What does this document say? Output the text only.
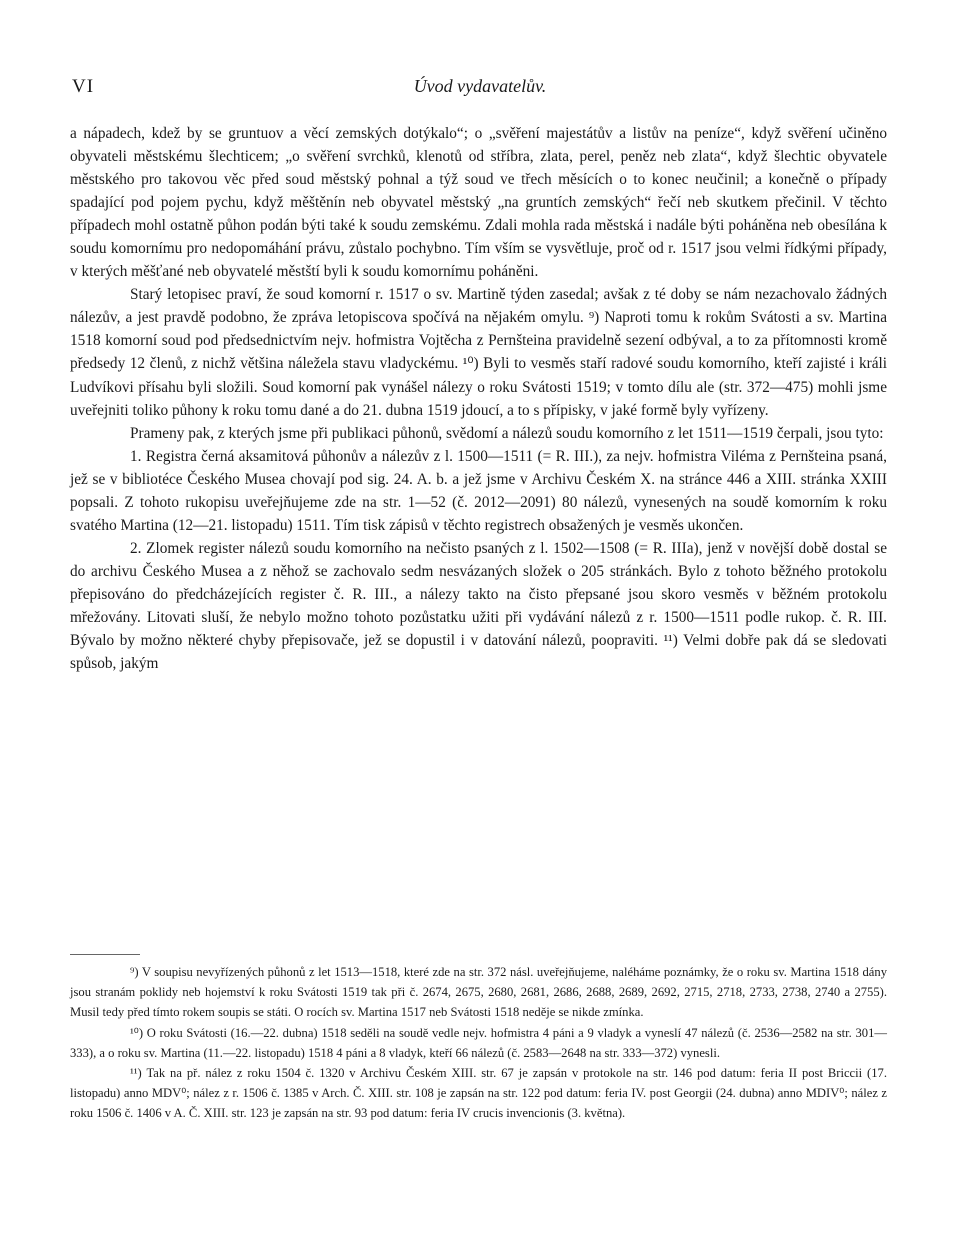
VI	Úvod vydavatelův.

a nápadech, kdež by se gruntuov a věcí zemských dotýkalo“; o „svěření majestátův a listův na peníze“, když svěření učiněno obyvateli městskému šlechticem; „o svěření svrchků, klenotů od stříbra, zlata, perel, peněz neb zlata“, když šlechtic obyvatele městského pro takovou věc před soud městský pohnal a týž soud ve třech měsících o to konec neučinil; a konečně o případy spadající pod pojem pychu, když měštěnín neb obyvatel městský „na gruntích zemských“ řečí neb skutkem přečinil. V těchto případech mohl ostatně půhon podán býti také k soudu zemskému. Zdali mohla rada městská i nadále býti poháněna neb obesílána k soudu komornímu pro nedopomáhání právu, zůstalo pochybno. Tím vším se vysvětluje, proč od r. 1517 jsou velmi řídkými případy, v kterých měšťané neb obyvatelé městští byli k soudu komornímu poháněni.

Starý letopisec praví, že soud komorní r. 1517 o sv. Martině týden zasedal; avšak z té doby se nám nezachovalo žádných nálezův, a jest pravdě podobno, že zpráva letopiscova spočívá na nějakém omylu. ⁹) Naproti tomu k rokům Svátosti a sv. Martina 1518 komorní soud pod předsednictvím nejv. hofmistra Vojtěcha z Pernšteina pravidelně sezení odbýval, a to za přítomnosti kromě předsedy 12 členů, z nichž většina náležela stavu vladyckému. ¹⁰) Byli to vesměs staří radové soudu komorního, kteří zajisté i králi Ludvíkovi přísahu byli složili. Soud komorní pak vynášel nálezy o roku Svátosti 1519; v tomto dílu ale (str. 372—475) mohli jsme uveřejniti toliko půhony k roku tomu dané a do 21. dubna 1519 jdoucí, a to s přípisky, v jaké formě byly vyřízeny.

Prameny pak, z kterých jsme při publikaci půhonů, svědomí a nálezů soudu komorního z let 1511—1519 čerpali, jsou tyto:

1. Registra černá aksamitová půhonův a nálezův z l. 1500—1511 (= R. III.), za nejv. hofmistra Viléma z Pernšteina psaná, jež se v bibliotéce Českého Musea chovají pod sig. 24. A. b. a jež jsme v Archivu Českém X. na stránce 446 a XIII. stránka XXIII popsali. Z tohoto rukopisu uveřejňujeme zde na str. 1—52 (č. 2012—2091) 80 nálezů, vynesených na soudě komorním k roku svatého Martina (12—21. listopadu) 1511. Tím tisk zápisů v těchto registrech obsažených je vesměs ukončen.

2. Zlomek register nálezů soudu komorního na nečisto psaných z l. 1502—1508 (= R. IIIa), jenž v novější době dostal se do archivu Českého Musea a z něhož se zachovalo sedm nesvázaných složek o 205 stránkách. Bylo z tohoto běžného protokolu přepisováno do předcházejících register č. R. III., a nálezy takto na čisto přepsané jsou skoro vesměs v běžném protokolu mřežovány. Litovati sluší, že nebylo možno tohoto pozůstatku užiti při vydávání nálezů z r. 1500—1511 podle rukop. č. R. III. Bývalo by možno některé chyby přepisovače, jež se dopustil i v datování nálezů, poopraviti. ¹¹) Velmi dobře pak dá se sledovati spůsob, jakým

⁹) V soupisu nevyřízených půhonů z let 1513—1518, které zde na str. 372 násl. uveřejňujeme, naléháme poznámky, že o roku sv. Martina 1518 dány jsou stranám poklidy neb hojemství k roku Svátosti 1519 tak při č. 2674, 2675, 2680, 2681, 2686, 2688, 2689, 2692, 2715, 2718, 2733, 2738, 2740 a 2755). Musil tedy před tímto rokem soupis se státi. O rocích sv. Martina 1517 neb Svátosti 1518 neděje se nikde zmínka.

¹⁰) O roku Svátosti (16.—22. dubna) 1518 seděli na soudě vedle nejv. hofmistra 4 páni a 9 vladyk a vyneslí 47 nálezů (č. 2536—2582 na str. 301—333), a o roku sv. Martina (11.—22. listopadu) 1518 4 páni a 8 vladyk, kteří 66 nálezů (č. 2583—2648 na str. 333—372) vynesli.

¹¹) Tak na př. nález z roku 1504 č. 1320 v Archivu Českém XIII. str. 67 je zapsán v protokole na str. 146 pod datum: feria II post Briccii (17. listopadu) anno MDV⁰; nález z r. 1506 č. 1385 v Arch. Č. XIII. str. 108 je zapsán na str. 122 pod datum: feria IV. post Georgii (24. dubna) anno MDIV⁰; nález z roku 1506 č. 1406 v A. Č. XIII. str. 123 je zapsán na str. 93 pod datum: feria IV crucis invencionis (3. května).
